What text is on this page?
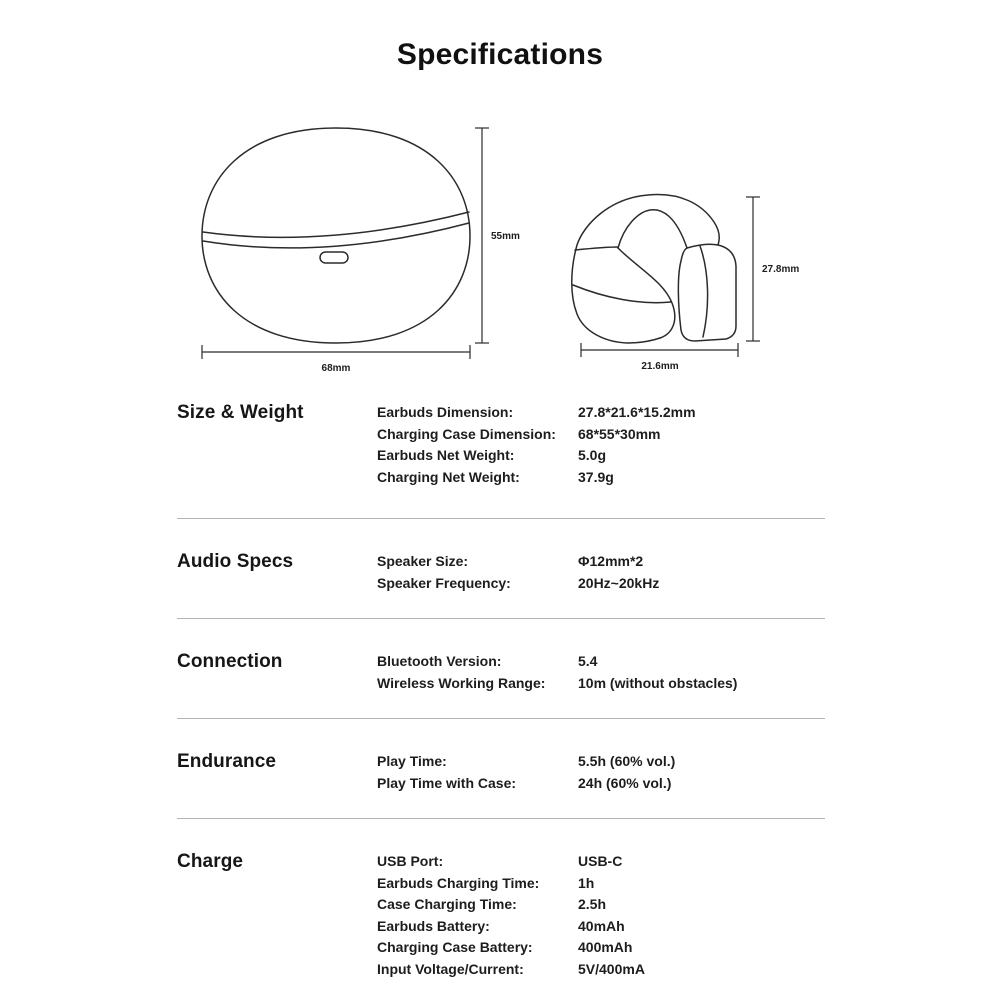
Specifications
55mm
68mm
27.8mm
21.6mm
Size & Weight	Earbuds Dimension:	27.8*21.6*15.2mm
Charging Case Dimension:	68*55*30mm
Earbuds Net Weight:	5.0g
Charging Net Weight:	37.9g
Audio Specs	Speaker Size:	Φ12mm*2
Speaker Frequency:	20Hz~20kHz
Connection	Bluetooth Version:	5.4
Wireless Working Range:	10m (without obstacles)
Endurance	Play Time:	5.5h (60% vol.)
Play Time with Case:	24h (60% vol.)
Charge	USB Port:	USB-C
Earbuds Charging Time:	1h
Case Charging Time:	2.5h
Earbuds Battery:	40mAh
Charging Case Battery:	400mAh
Input Voltage/Current:	5V/400mA
